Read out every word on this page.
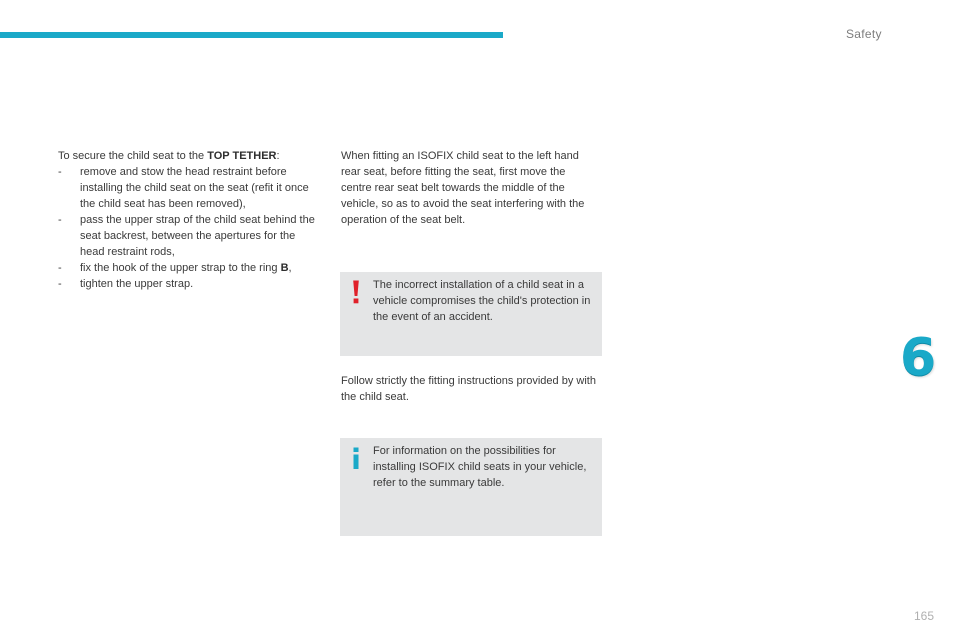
Safety
6
165

To secure the child seat to the TOP TETHER:

- remove and stow the head restraint before installing the child seat on the seat (refit it once the child seat has been removed),
- pass the upper strap of the child seat behind the seat backrest, between the apertures for the head restraint rods,
- fix the hook of the upper strap to the ring B,
- tighten the upper strap.

When fitting an ISOFIX child seat to the left hand rear seat, before fitting the seat, first move the centre rear seat belt towards the middle of the vehicle, so as to avoid the seat interfering with the operation of the seat belt.

The incorrect installation of a child seat in a vehicle compromises the child's protection in the event of an accident.

Follow strictly the fitting instructions provided by with the child seat.

For information on the possibilities for installing ISOFIX child seats in your vehicle, refer to the summary table.
